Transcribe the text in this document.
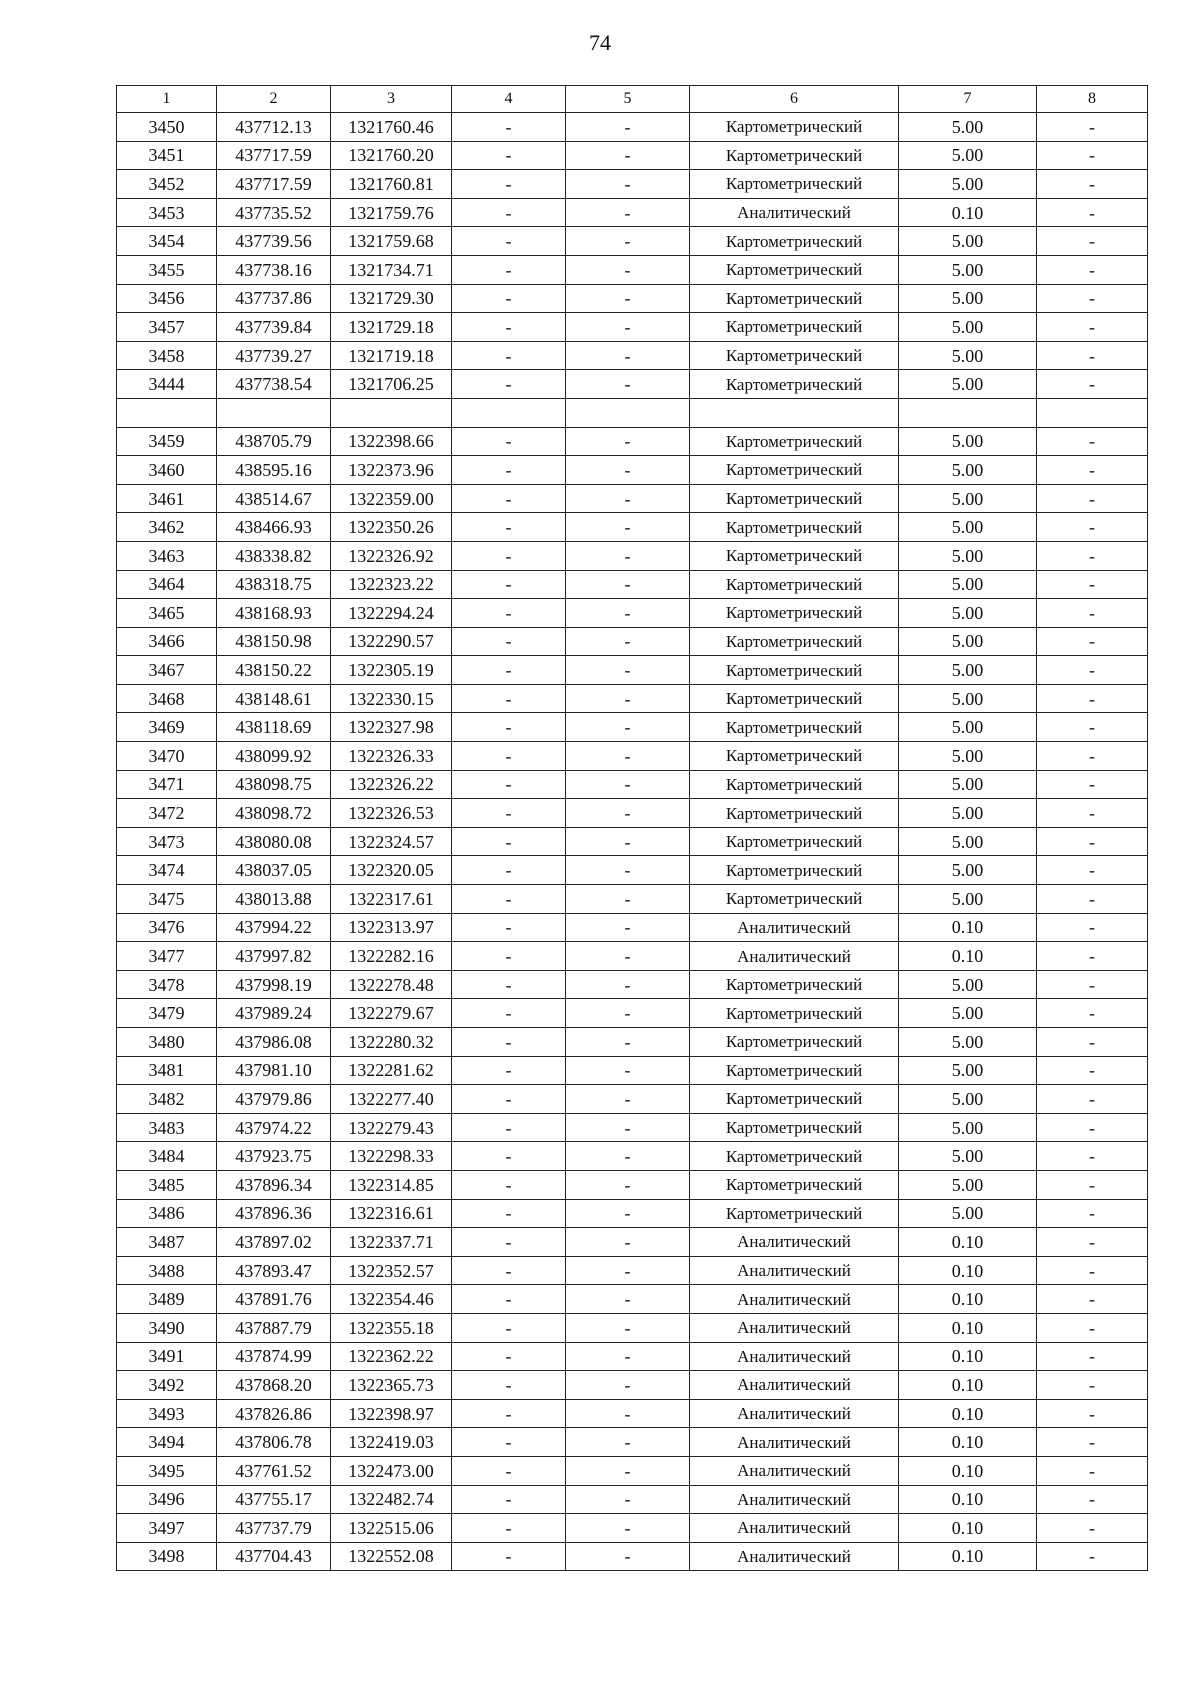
74
1	2	3	4	5	6	7	8
3450	437712.13	1321760.46	-	-	Картометрический	5.00	-
3451	437717.59	1321760.20	-	-	Картометрический	5.00	-
3452	437717.59	1321760.81	-	-	Картометрический	5.00	-
3453	437735.52	1321759.76	-	-	Аналитический	0.10	-
3454	437739.56	1321759.68	-	-	Картометрический	5.00	-
3455	437738.16	1321734.71	-	-	Картометрический	5.00	-
3456	437737.86	1321729.30	-	-	Картометрический	5.00	-
3457	437739.84	1321729.18	-	-	Картометрический	5.00	-
3458	437739.27	1321719.18	-	-	Картометрический	5.00	-
3444	437738.54	1321706.25	-	-	Картометрический	5.00	-

3459	438705.79	1322398.66	-	-	Картометрический	5.00	-
3460	438595.16	1322373.96	-	-	Картометрический	5.00	-
3461	438514.67	1322359.00	-	-	Картометрический	5.00	-
3462	438466.93	1322350.26	-	-	Картометрический	5.00	-
3463	438338.82	1322326.92	-	-	Картометрический	5.00	-
3464	438318.75	1322323.22	-	-	Картометрический	5.00	-
3465	438168.93	1322294.24	-	-	Картометрический	5.00	-
3466	438150.98	1322290.57	-	-	Картометрический	5.00	-
3467	438150.22	1322305.19	-	-	Картометрический	5.00	-
3468	438148.61	1322330.15	-	-	Картометрический	5.00	-
3469	438118.69	1322327.98	-	-	Картометрический	5.00	-
3470	438099.92	1322326.33	-	-	Картометрический	5.00	-
3471	438098.75	1322326.22	-	-	Картометрический	5.00	-
3472	438098.72	1322326.53	-	-	Картометрический	5.00	-
3473	438080.08	1322324.57	-	-	Картометрический	5.00	-
3474	438037.05	1322320.05	-	-	Картометрический	5.00	-
3475	438013.88	1322317.61	-	-	Картометрический	5.00	-
3476	437994.22	1322313.97	-	-	Аналитический	0.10	-
3477	437997.82	1322282.16	-	-	Аналитический	0.10	-
3478	437998.19	1322278.48	-	-	Картометрический	5.00	-
3479	437989.24	1322279.67	-	-	Картометрический	5.00	-
3480	437986.08	1322280.32	-	-	Картометрический	5.00	-
3481	437981.10	1322281.62	-	-	Картометрический	5.00	-
3482	437979.86	1322277.40	-	-	Картометрический	5.00	-
3483	437974.22	1322279.43	-	-	Картометрический	5.00	-
3484	437923.75	1322298.33	-	-	Картометрический	5.00	-
3485	437896.34	1322314.85	-	-	Картометрический	5.00	-
3486	437896.36	1322316.61	-	-	Картометрический	5.00	-
3487	437897.02	1322337.71	-	-	Аналитический	0.10	-
3488	437893.47	1322352.57	-	-	Аналитический	0.10	-
3489	437891.76	1322354.46	-	-	Аналитический	0.10	-
3490	437887.79	1322355.18	-	-	Аналитический	0.10	-
3491	437874.99	1322362.22	-	-	Аналитический	0.10	-
3492	437868.20	1322365.73	-	-	Аналитический	0.10	-
3493	437826.86	1322398.97	-	-	Аналитический	0.10	-
3494	437806.78	1322419.03	-	-	Аналитический	0.10	-
3495	437761.52	1322473.00	-	-	Аналитический	0.10	-
3496	437755.17	1322482.74	-	-	Аналитический	0.10	-
3497	437737.79	1322515.06	-	-	Аналитический	0.10	-
3498	437704.43	1322552.08	-	-	Аналитический	0.10	-
